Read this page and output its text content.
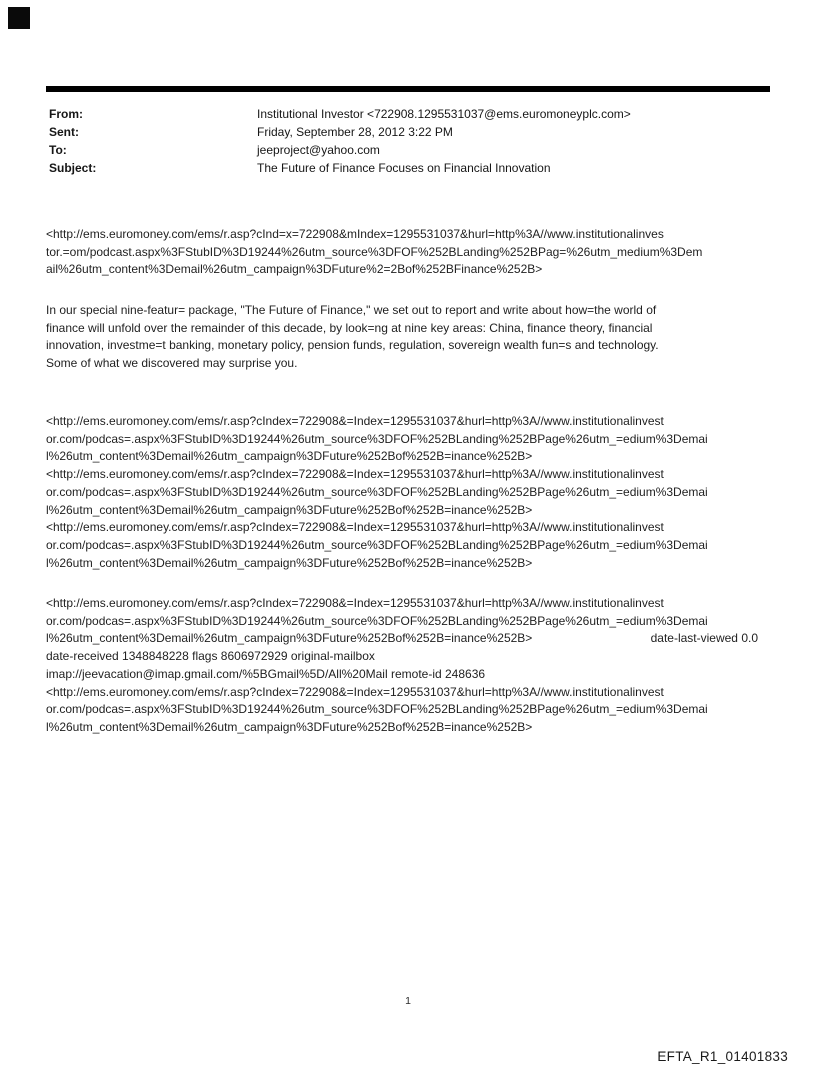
From:	Institutional Investor <722908.1295531037@ems.euromoneyplc.com>
Sent:	Friday, September 28, 2012 3:22 PM
To:	jeeproject@yahoo.com
Subject:	The Future of Finance Focuses on Financial Innovation
<http://ems.euromoney.com/ems/r.asp?cInd=x=722908&mIndex=1295531037&hurl=http%3A//www.institutionalinves
tor.=om/podcast.aspx%3FStubID%3D19244%26utm_source%3DFOF%252BLanding%252BPag=%26utm_medium%3Dem
ail%26utm_content%3Demail%26utm_campaign%3DFuture%2=2Bof%252BFinance%252B>
In our special nine-featur= package, "The Future of Finance," we set out to report and write about how=the world of
finance will unfold over the remainder of this decade, by look=ng at nine key areas: China, finance theory, financial
innovation, investme=t banking, monetary policy, pension funds, regulation, sovereign wealth fun=s and technology.
Some of what we discovered may surprise you.
<http://ems.euromoney.com/ems/r.asp?cIndex=722908&=Index=1295531037&hurl=http%3A//www.institutionalinvest
or.com/podcas=.aspx%3FStubID%3D19244%26utm_source%3DFOF%252BLanding%252BPage%26utm_=edium%3Demai
l%26utm_content%3Demail%26utm_campaign%3DFuture%252Bof%252B=inance%252B>
<http://ems.euromoney.com/ems/r.asp?cIndex=722908&=Index=1295531037&hurl=http%3A//www.institutionalinvest
or.com/podcas=.aspx%3FStubID%3D19244%26utm_source%3DFOF%252BLanding%252BPage%26utm_=edium%3Demai
l%26utm_content%3Demail%26utm_campaign%3DFuture%252Bof%252B=inance%252B>
<http://ems.euromoney.com/ems/r.asp?cIndex=722908&=Index=1295531037&hurl=http%3A//www.institutionalinvest
or.com/podcas=.aspx%3FStubID%3D19244%26utm_source%3DFOF%252BLanding%252BPage%26utm_=edium%3Demai
l%26utm_content%3Demail%26utm_campaign%3DFuture%252Bof%252B=inance%252B>
<http://ems.euromoney.com/ems/r.asp?cIndex=722908&=Index=1295531037&hurl=http%3A//www.institutionalinvest
or.com/podcas=.aspx%3FStubID%3D19244%26utm_source%3DFOF%252BLanding%252BPage%26utm_=edium%3Demai
l%26utm_content%3Demail%26utm_campaign%3DFuture%252Bof%252B=inance%252B>	date-last-viewed 0.0
date-received 1348848228 flags 8606972929 original-mailbox
imap://jeevacation@imap.gmail.com/%5BGmail%5D/All%20Mail remote-id 248636
<http://ems.euromoney.com/ems/r.asp?cIndex=722908&=Index=1295531037&hurl=http%3A//www.institutionalinvest
or.com/podcas=.aspx%3FStubID%3D19244%26utm_source%3DFOF%252BLanding%252BPage%26utm_=edium%3Demai
l%26utm_content%3Demail%26utm_campaign%3DFuture%252Bof%252B=inance%252B>
1
EFTA_R1_01401833
